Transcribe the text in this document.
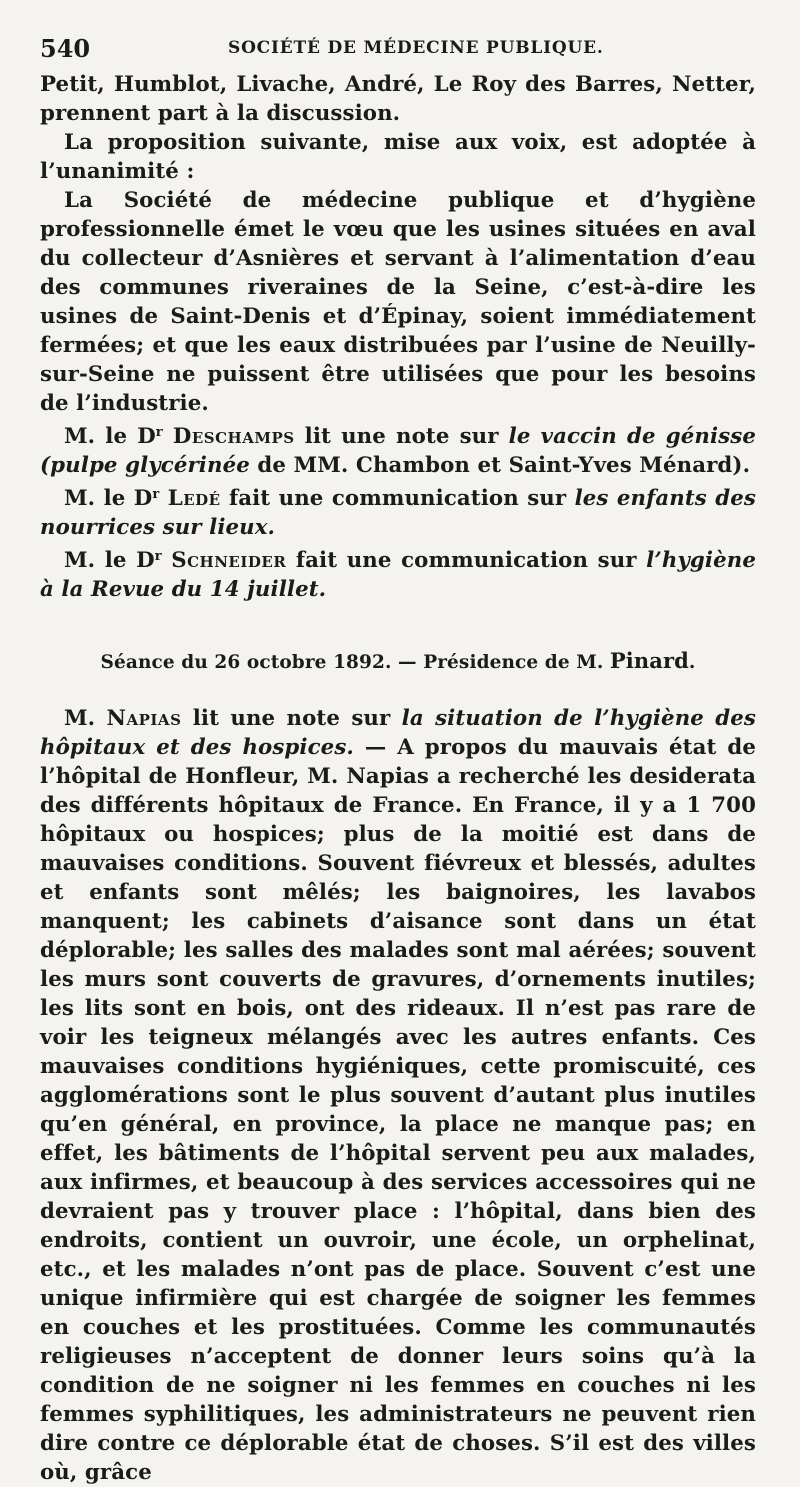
540	SOCIÉTÉ DE MÉDECINE PUBLIQUE.

Petit, Humblot, Livache, André, Le Roy des Barres, Netter, prennent part à la discussion.

La proposition suivante, mise aux voix, est adoptée à l’unanimité :

La Société de médecine publique et d’hygiène professionnelle émet le vœu que les usines situées en aval du collecteur d’Asnières et servant à l’alimentation d’eau des communes riveraines de la Seine, c’est-à-dire les usines de Saint-Denis et d’Épinay, soient immédiatement fermées; et que les eaux distribuées par l’usine de Neuilly-sur-Seine ne puissent être utilisées que pour les besoins de l’industrie.

M. le $D^r$ Deschamps lit une note sur le vaccin de génisse (pulpe glycérinée de MM. Chambon et Saint-Yves Ménard).

M. le $D^r$ Ledé fait une communication sur les enfants des nourrices sur lieux.

M. le $D^r$ Schneider fait une communication sur l’hygiène à la Revue du 14 juillet.

Séance du 26 octobre 1892. — Présidence de M. Pinard.

M. Napias lit une note sur la situation de l’hygiène des hôpitaux et des hospices. — A propos du mauvais état de l’hôpital de Honfleur, M. Napias a recherché les desiderata des différents hôpitaux de France. En France, il y a 1 700 hôpitaux ou hospices; plus de la moitié est dans de mauvaises conditions. Souvent fiévreux et blessés, adultes et enfants sont mêlés; les baignoires, les lavabos manquent; les cabinets d’aisance sont dans un état déplorable; les salles des malades sont mal aérées; souvent les murs sont couverts de gravures, d’ornements inutiles; les lits sont en bois, ont des rideaux. Il n’est pas rare de voir les teigneux mélangés avec les autres enfants. Ces mauvaises conditions hygiéniques, cette promiscuité, ces agglomérations sont le plus souvent d’autant plus inutiles qu’en général, en province, la place ne manque pas; en effet, les bâtiments de l’hôpital servent peu aux malades, aux infirmes, et beaucoup à des services accessoires qui ne devraient pas y trouver place : l’hôpital, dans bien des endroits, contient un ouvroir, une école, un orphelinat, etc., et les malades n’ont pas de place. Souvent c’est une unique infirmière qui est chargée de soigner les femmes en couches et les prostituées. Comme les communautés religieuses n’acceptent de donner leurs soins qu’à la condition de ne soigner ni les femmes en couches ni les femmes syphilitiques, les administrateurs ne peuvent rien dire contre ce déplorable état de choses. S’il est des villes où, grâce
